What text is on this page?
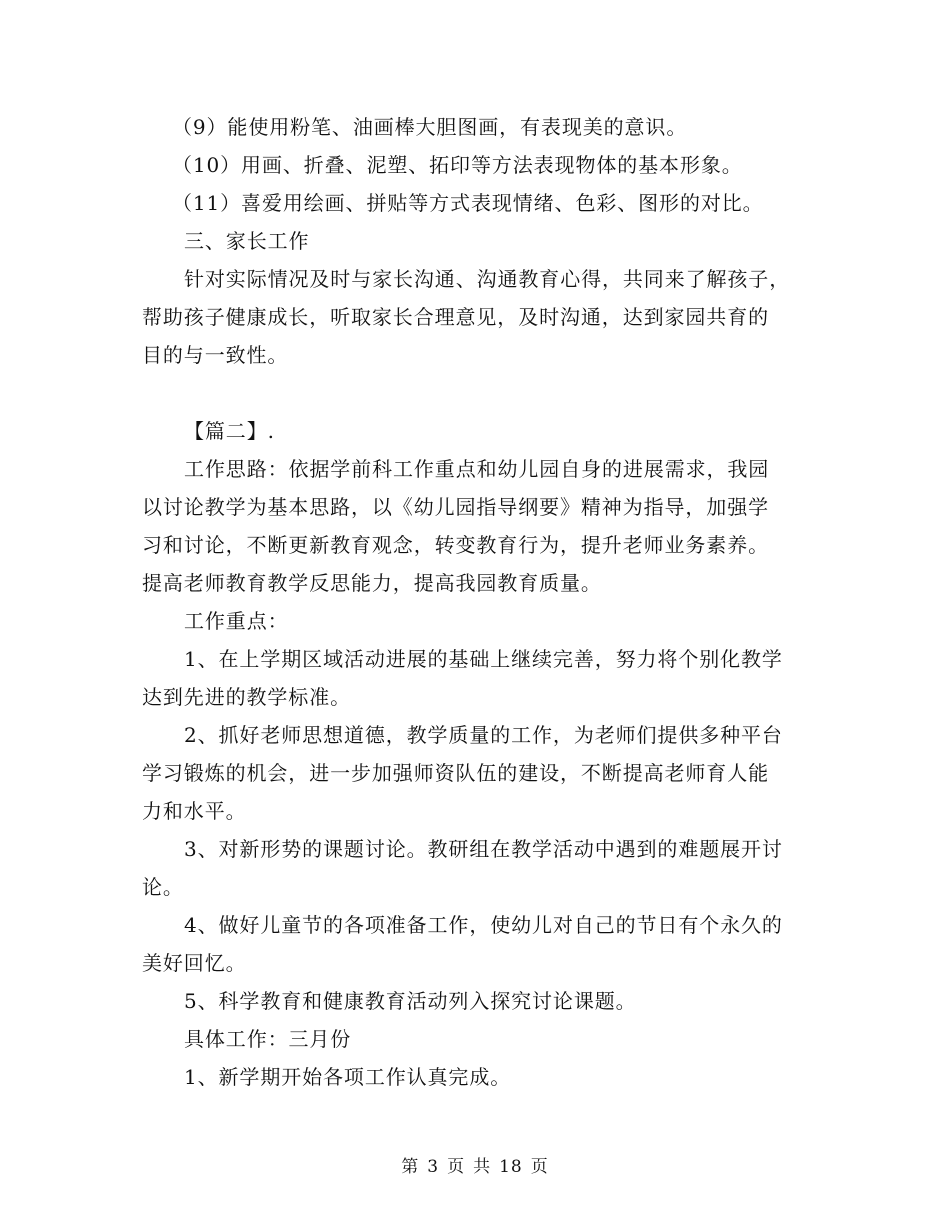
（9）能使用粉笔、油画棒大胆图画，有表现美的意识。

（10）用画、折叠、泥塑、拓印等方法表现物体的基本形象。

（11）喜爱用绘画、拼贴等方式表现情绪、色彩、图形的对比。

三、家长工作

针对实际情况及时与家长沟通、沟通教育心得，共同来了解孩子，

帮助孩子健康成长，听取家长合理意见，及时沟通，达到家园共育的

目的与一致性。

【篇二】.

工作思路：依据学前科工作重点和幼儿园自身的进展需求，我园

以讨论教学为基本思路，以《幼儿园指导纲要》精神为指导，加强学

习和讨论，不断更新教育观念，转变教育行为，提升老师业务素养。

提高老师教育教学反思能力，提高我园教育质量。

工作重点：

1、在上学期区域活动进展的基础上继续完善，努力将个别化教学

达到先进的教学标准。

2、抓好老师思想道德，教学质量的工作，为老师们提供多种平台

学习锻炼的机会，进一步加强师资队伍的建设，不断提高老师育人能

力和水平。

3、对新形势的课题讨论。教研组在教学活动中遇到的难题展开讨

论。

4、做好儿童节的各项准备工作，使幼儿对自己的节日有个永久的

美好回忆。

5、科学教育和健康教育活动列入探究讨论课题。

具体工作：三月份

1、新学期开始各项工作认真完成。

第 3 页 共 18 页
